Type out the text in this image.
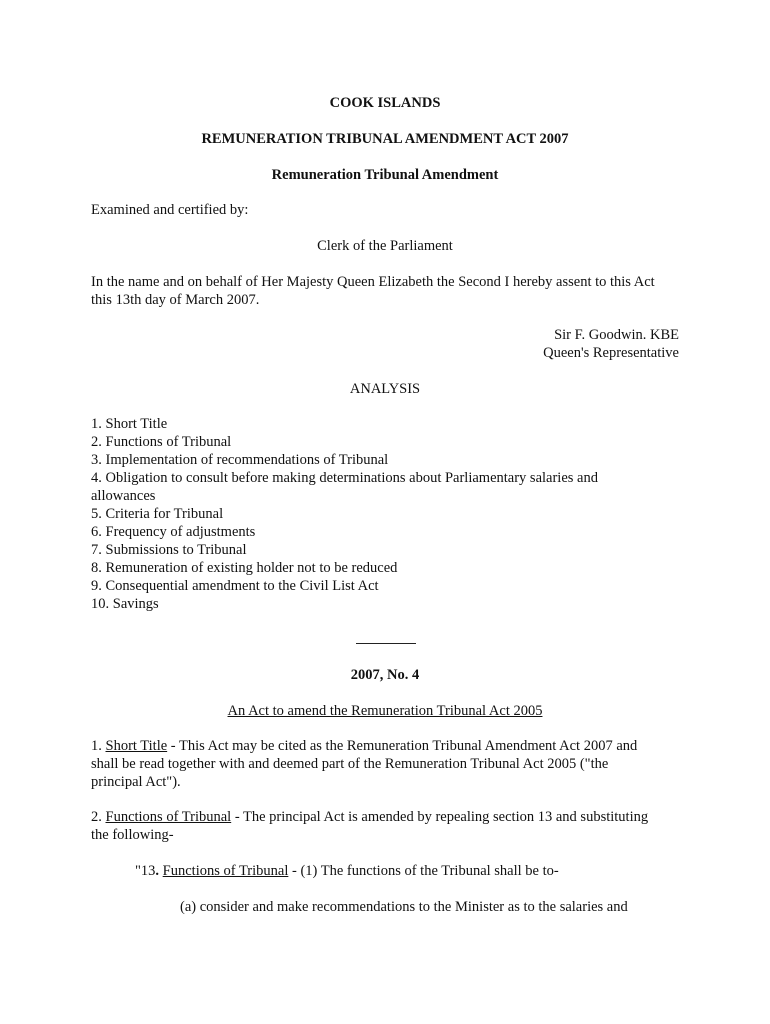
COOK ISLANDS

REMUNERATION TRIBUNAL AMENDMENT ACT 2007

Remuneration Tribunal Amendment

Examined and certified by:

Clerk of the Parliament

In the name and on behalf of Her Majesty Queen Elizabeth the Second I hereby assent to this Act

this 13th day of March 2007.

Sir F. Goodwin. KBE

Queen's Representative

ANALYSIS

1. Short Title
2. Functions of Tribunal
3. Implementation of recommendations of Tribunal
4. Obligation to consult before making determinations about Parliamentary salaries and
allowances
5. Criteria for Tribunal
6. Frequency of adjustments
7. Submissions to Tribunal
8. Remuneration of existing holder not to be reduced
9. Consequential amendment to the Civil List Act
10. Savings

2007, No. 4

An Act to amend the Remuneration Tribunal Act 2005

1. Short Title - This Act may be cited as the Remuneration Tribunal Amendment Act 2007 and

shall be read together with and deemed part of the Remuneration Tribunal Act 2005 ("the

principal Act").

2. Functions of Tribunal - The principal Act is amended by repealing section 13 and substituting

the following-

"13. Functions of Tribunal - (1) The functions of the Tribunal shall be to-

(a) consider and make recommendations to the Minister as to the salaries and
